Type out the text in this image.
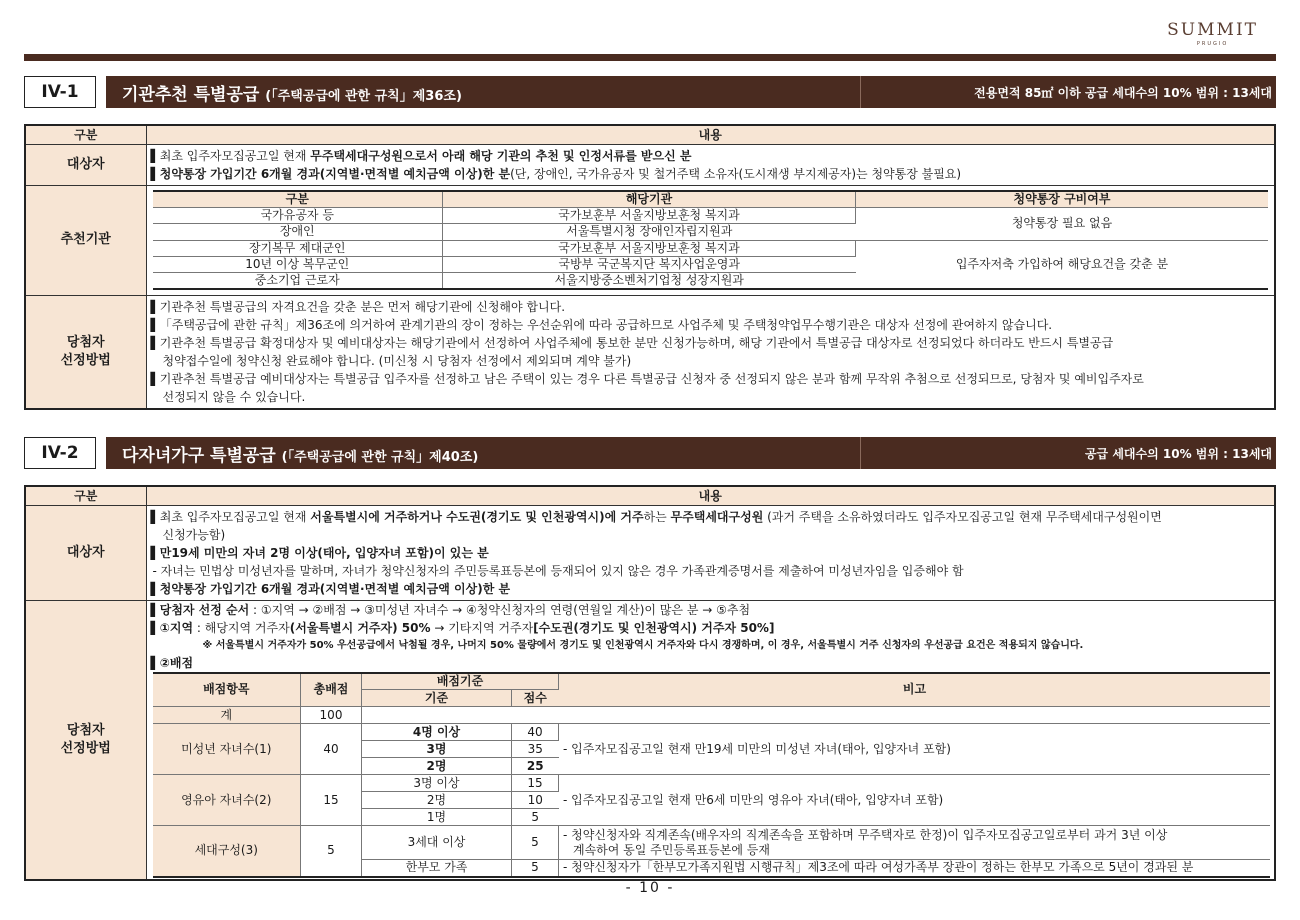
SUMMIT
PRUGIO
IV-1	기관추천 특별공급 (「주택공급에 관한 규칙」제36조)	전용면적 85㎡ 이하 공급 세대수의 10% 범위 : 13세대
구분	내용
대상자	
▌최초 입주자모집공고일 현재 무주택세대구성원으로서 아래 해당 기관의 추천 및 인정서류를 받으신 분
▌청약통장 가입기간 6개월 경과(지역별·면적별 예치금액 이상)한 분(단, 장애인, 국가유공자 및 철거주택 소유자(도시재생 부지제공자)는 청약통장 불필요)

추천기관	
구분	해당기관	청약통장 구비여부
국가유공자 등	국가보훈부 서울지방보훈청 복지과	청약통장 필요 없음
장애인	서울특별시청 장애인자립지원과
장기복무 제대군인	국가보훈부 서울지방보훈청 복지과	입주자저축 가입하여 해당요건을 갖춘 분
10년 이상 복무군인	국방부 국군복지단 복지사업운영과
중소기업 근로자	서울지방중소벤처기업청 성장지원과

당첨자
선정방법

▌기관추천 특별공급의 자격요건을 갖춘 분은 먼저 해당기관에 신청해야 합니다.
▌「주택공급에 관한 규칙」제36조에 의거하여 관계기관의 장이 정하는 우선순위에 따라 공급하므로 사업주체 및 주택청약업무수행기관은 대상자 선정에 관여하지 않습니다.
▌기관추천 특별공급 확정대상자 및 예비대상자는 해당기관에서 선정하여 사업주체에 통보한 분만 신청가능하며, 해당 기관에서 특별공급 대상자로 선정되었다 하더라도 반드시 특별공급
청약접수일에 청약신청 완료해야 합니다. (미신청 시 당첨자 선정에서 제외되며 계약 불가)
▌기관추천 특별공급 예비대상자는 특별공급 입주자를 선정하고 남은 주택이 있는 경우 다른 특별공급 신청자 중 선정되지 않은 분과 함께 무작위 추첨으로 선정되므로, 당첨자 및 예비입주자로
선정되지 않을 수 있습니다.
IV-2	다자녀가구 특별공급 (「주택공급에 관한 규칙」제40조)	공급 세대수의 10% 범위 : 13세대
구분	내용
대상자	
▌최초 입주자모집공고일 현재 서울특별시에 거주하거나 수도권(경기도 및 인천광역시)에 거주하는 무주택세대구성원 (과거 주택을 소유하였더라도 입주자모집공고일 현재 무주택세대구성원이면
신청가능함)
▌만19세 미만의 자녀 2명 이상(태아, 입양자녀 포함)이 있는 분
- 자녀는 민법상 미성년자를 말하며, 자녀가 청약신청자의 주민등록표등본에 등재되어 있지 않은 경우 가족관계증명서를 제출하여 미성년자임을 입증해야 함
▌청약통장 가입기간 6개월 경과(지역별·면적별 예치금액 이상)한 분

당첨자
선정방법

▌당첨자 선정 순서 : ①지역 → ②배점 → ③미성년 자녀수 → ④청약신청자의 연령(연월일 계산)이 많은 분 → ⑤추첨
▌①지역 : 해당지역 거주자(서울특별시 거주자) 50% → 기타지역 거주자[수도권(경기도 및 인천광역시) 거주자 50%]
※ 서울특별시 거주자가 50% 우선공급에서 낙첨될 경우, 나머지 50% 물량에서 경기도 및 인천광역시 거주자와 다시 경쟁하며, 이 경우, 서울특별시 거주 신청자의 우선공급 요건은 적용되지 않습니다.
▌②배점
배점항목	총배점	배점기준	비고
기준	점수
계	100	
미성년 자녀수(1)	40	4명 이상	40	- 입주자모집공고일 현재 만19세 미만의 미성년 자녀(태아, 입양자녀 포함)
3명	35
2명	25
영유아 자녀수(2)	15	3명 이상	15	- 입주자모집공고일 현재 만6세 미만의 영유아 자녀(태아, 입양자녀 포함)
2명	10
1명	5
세대구성(3)	5	3세대 이상	5	
- 청약신청자와 직계존속(배우자의 직계존속을 포함하며 무주택자로 한정)이 입주자모집공고일로부터 과거 3년 이상
계속하여 동일 주민등록표등본에 등재

한부모 가족	5	- 청약신청자가「한부모가족지원법 시행규칙」제3조에 따라 여성가족부 장관이 정하는 한부모 가족으로 5년이 경과된 분
- 10 -
